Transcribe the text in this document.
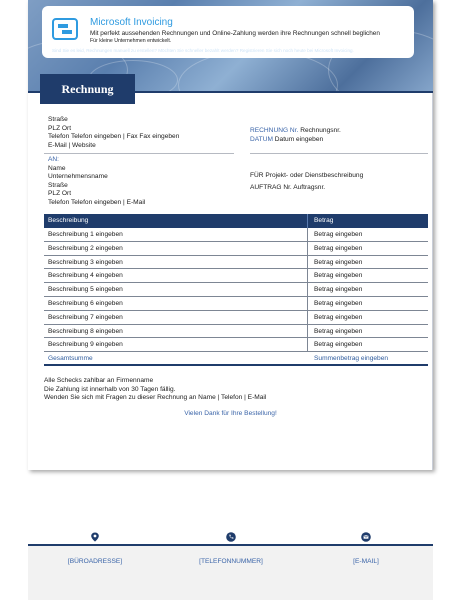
Microsoft Invoicing
Mit perfekt aussehenden Rechnungen und Online-Zahlung werden ihre Rechnungen schnell beglichen
Für kleine Unternehmen entwickelt.
Sind Sie es leid, Rechnungen manuell zu erstellen? Möchten Sie schneller bezahlt werden? Registrieren Sie sich noch heute bei Microsoft Invoicing.
Rechnung
Straße
PLZ Ort
Telefon Telefon eingeben | Fax Fax eingeben
E-Mail | Website
RECHNUNG Nr. Rechnungsnr.
DATUM Datum eingeben
AN:
Name
Unternehmensname
Straße
PLZ Ort
Telefon Telefon eingeben | E-Mail
FÜR Projekt- oder Dienstbeschreibung
AUFTRAG Nr. Auftragsnr.
Beschreibung	Betrag
Beschreibung 1 eingeben	Betrag eingeben
Beschreibung 2 eingeben	Betrag eingeben
Beschreibung 3 eingeben	Betrag eingeben
Beschreibung 4 eingeben	Betrag eingeben
Beschreibung 5 eingeben	Betrag eingeben
Beschreibung 6 eingeben	Betrag eingeben
Beschreibung 7 eingeben	Betrag eingeben
Beschreibung 8 eingeben	Betrag eingeben
Beschreibung 9 eingeben	Betrag eingeben
Gesamtsumme	Summenbetrag eingeben
Alle Schecks zahlbar an Firmenname
Die Zahlung ist innerhalb von 30 Tagen fällig.
Wenden Sie sich mit Fragen zu dieser Rechnung an Name | Telefon | E-Mail
Vielen Dank für Ihre Bestellung!
[BÜROADRESSE]	[TELEFONNUMMER]	[E-MAIL]
